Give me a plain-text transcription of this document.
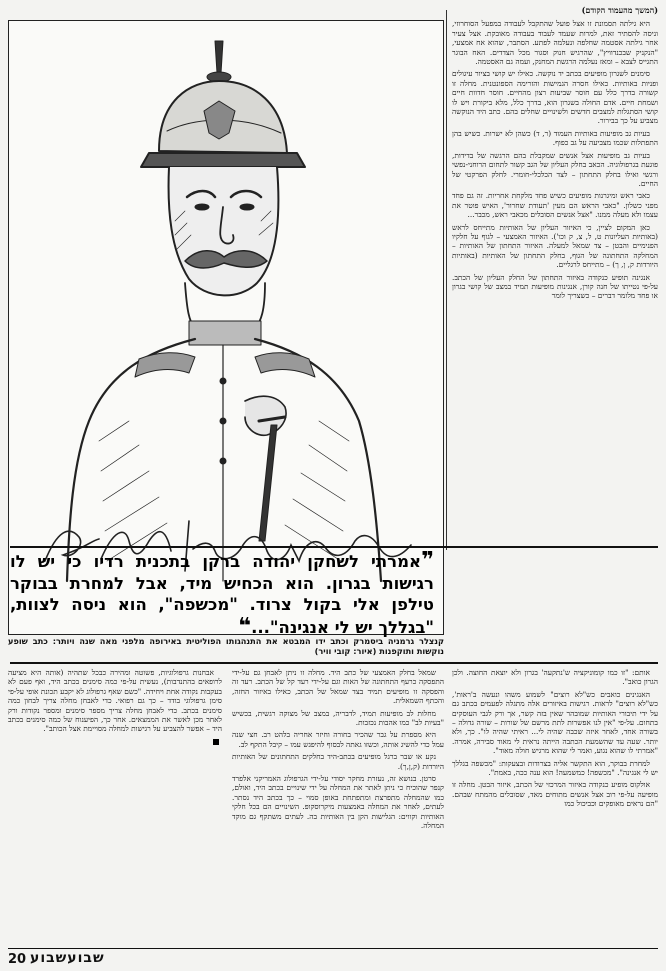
(המשך מהעמוד הקודם)

היא גילתה תסמונת זו אצל פועל שהתקבל לעבודה במפעל הסוחרוזי, וניסה להסתיר זאת, למרות שעמד לעבוד בעבודה מאובקת. אצל צעיר אחר גילתה אסטמה שחלפה ונעלמה לפתע. הסתבר, שהוא אח אמצעי, "הנקניק שבכנדוויץ", שהרגיש חנוק וסגור מכל הצדדים. האח הבוגר התגייס לצבא – ומאז נעלמה הרגשת המחנק, ועמה גם האסטמה.

סימנים לשגרון מופיעים בכתב יד נוקשה. כאילו יש קושי בציור עיגולים ופניות באותיות. כאילו חסרה הגמישות והזרימה הספונטנית. מחלה זו קשורה בדרך כלל עם חוסר שביעות רצון מהחיים. חוסר חדוות חיים ושמחת חיים. אדם החולה בשגרון הוא, בדרך כלל, מלא ביקורת ויש לו קושי הסתגלות למצבים חדשים ולשינויים שחלים בהם. כתב היד הנוקשה מצביע על כך בבירור.

בעיות גב מופיעות באותיות העמוד (ר, ד) כשהן לא ישרות. כשיש בהן התפתלות שכמו מצביעה על גב כפוף.

בעיות גב מופיעות אצל אנשים שמקבלת בהם הרגשה של בדידות, פוגעת בגרפולוגיה. הכאב בחלק העליון של הגב קשור לתחום הרוחני-נפשי ורגשי ואילו בחלק התחתון – לצד הכלכלי-חומרי. לחלק הפרקטי של החיים.

כאבי ראש ומיגרנות מופיעים כשיש פחד מלקחת אחריות. זה גם פחד מפני כשלון. "כאבי הראש הם מעין 'תעודת שחרור', האיש פוטר את עצמו ולא מעלה ממנו. "אצל אנשים הסובלים מכאבי ראש, מכבר...

כאן המקום לציין, כי האיזור העליון של האותיות מתייחס לראש (באותיות העליונות ט, ל, צ, ק וכו'). האיזור האמצעי – לגוף על חלקיו הפנימיים והבטן – צד שמאל למעלה. האיזור התחתון של האותיות – המחלקה התחתונה של הגוף, בחלק התחתון של האותיות (באותיות היורדות ק, ן, ך) – מתייחס לרגליים.

אנגינה תופיע כנקודה באיזור התחתון של החלק העליון של הכתב. על-פי נטייתו של חנה קורן, אנגינות מופיעות תמיד במצב של קושי בגרון או פחד מלומר דברים – כשצריך לומר

קנצלר גרמניה ביסמרק וכתב ידו המבטא את התנהגותו הפוליטית באירופה מלפני מאה שנה ויותר: כתב שופע נוקשות ותוקפנות (איור: קובי וויר)
❞אמרתי לשחקן יהודה ברקן בתכנית רדיו כי יש לו רגישות בגרון. הוא הכחיש מיד, אבל למחרת בבוקר טילפן אלי בקול צרוד. "מכשפה", הוא ניסה לצוות, "בגללך יש לי אנגינה"...❝

אותם: "זו כמו קומוניקציה ש'נתקעה' בגרון ולא יוצאת החוצה. ולכן הגרון כואב".

האנגינים כואבים כש"לא רוצים" לשמוע משהו ונעשה ב'ראות', כש"לא רוצים" לראות. רגישות באיזורים אלה מתגלה לפעמים בכתב גם על ידי תיבורי האותיות שמובהר שאין בזה קשר, אך ורק לגבי העוסקים בתחום. על-פי "אין לנו אפשרות לתת מרשם של שורות – שורה גדולה – בשורה אחד, לאחר איזה שכבה שהיה לי... ראיתי שהיה לו". כך, ולא יותר. שעה עד שהשמעת הכתבה הייתה נראית לי מאוד סבירה, אמרה. "אמרתי לו שהוא נגוע, ואמר לי שהוא מרגיש חולה מאוד".

למחרת בבוקר, הוא התקשר אליה בצרודות ובצעקות: "מכשפה בגללך יש לי אנגינה". "מכשפה! כמשמעה! הוא ענה ככה, באמת".

אולקוס מופיע כנקודה באיזור המרכזי של הכתב, איזור הבטן. מחלה זו מופיעה על-פי רוב אצל אנשים מתוחים מאד, שסובלים מהמתח שבהם. "הם נראים מאופקים וכביכול כמו

שמאל בחלק האמצעי של כתב היד. מחלה זו ניתן לאבחן גם על-ידי התפסקה כרעף התחתונה של האות וגם על-ידי רעד קל של הכתב. רעד זה והפסקה זו מופיעים תמיד בצד שמאל של הכתב, כאילו באיזור החזה, והכתף השמאלית.

מחלות לב מופיעות תמיד, לדבריה, במצב של מצוקה רגשית, בכשיש "בעיות לב" כמו אהבות נכזבות.

היא מספרת על גבר שהכיר בחורה וחיזר אחריה בלהט רב. חצי שנה עמל כדי להשיג אותה, וכשזו גאתה לבסוף להיפגש עמו – קיבל התקף לב.

נקע או שבר ברגל מופיעים בכתב-היד בחלקים התחתונים של האותיות היורדות (ק,ן,ך).

סרטן. בנושא זה, נעזרת מחקר יסודי על-ידי הגרפולוג האמריקני אלפרד קנפר שהוכיח כי ניתן לאתר את המחלה על ידי שינויים בכתב היד, ואולם, כמו שהמחלה מתפרצת ומתפתחת באופן סמוי – כך בכתב היד נסתר. לעתים, לאחר את המחלה באמצעות מיקרוסקופ. השינויים הם בכל חלקי האותיות וקווים: הגלישות הקן בין האותיות בה. לעתים משתקף גם מוקד המחלה.

אבחנות גרפולוגיות, פשוטה ומהירה כבכל שתהיה (אותה היא מציעה לרופאים בהתנדבות), נעשית על-פי כמה סימנים בכתב היד, ואף פעם לא בעקבות נקודה אחת ויחידה. "כשם שאף גרפולוג לא יקבע תכונת אופי על-פי סימן גרפולוגי בודד – כך גם רפואי. כדי לאבחן מחלה צריך לבחון כמה סימנים בכתב. כדי לאבחן מחלה צריך מספר סימנים ומספר נקודות ורק לאחר מכן לאשר את הממצאים. אחר כך, הפיענוח של כמה סימנים בכתב היד – אפשר להצביע על רגישות למחלה מסויימת אצל הכותב".

20 שבועשבוע
